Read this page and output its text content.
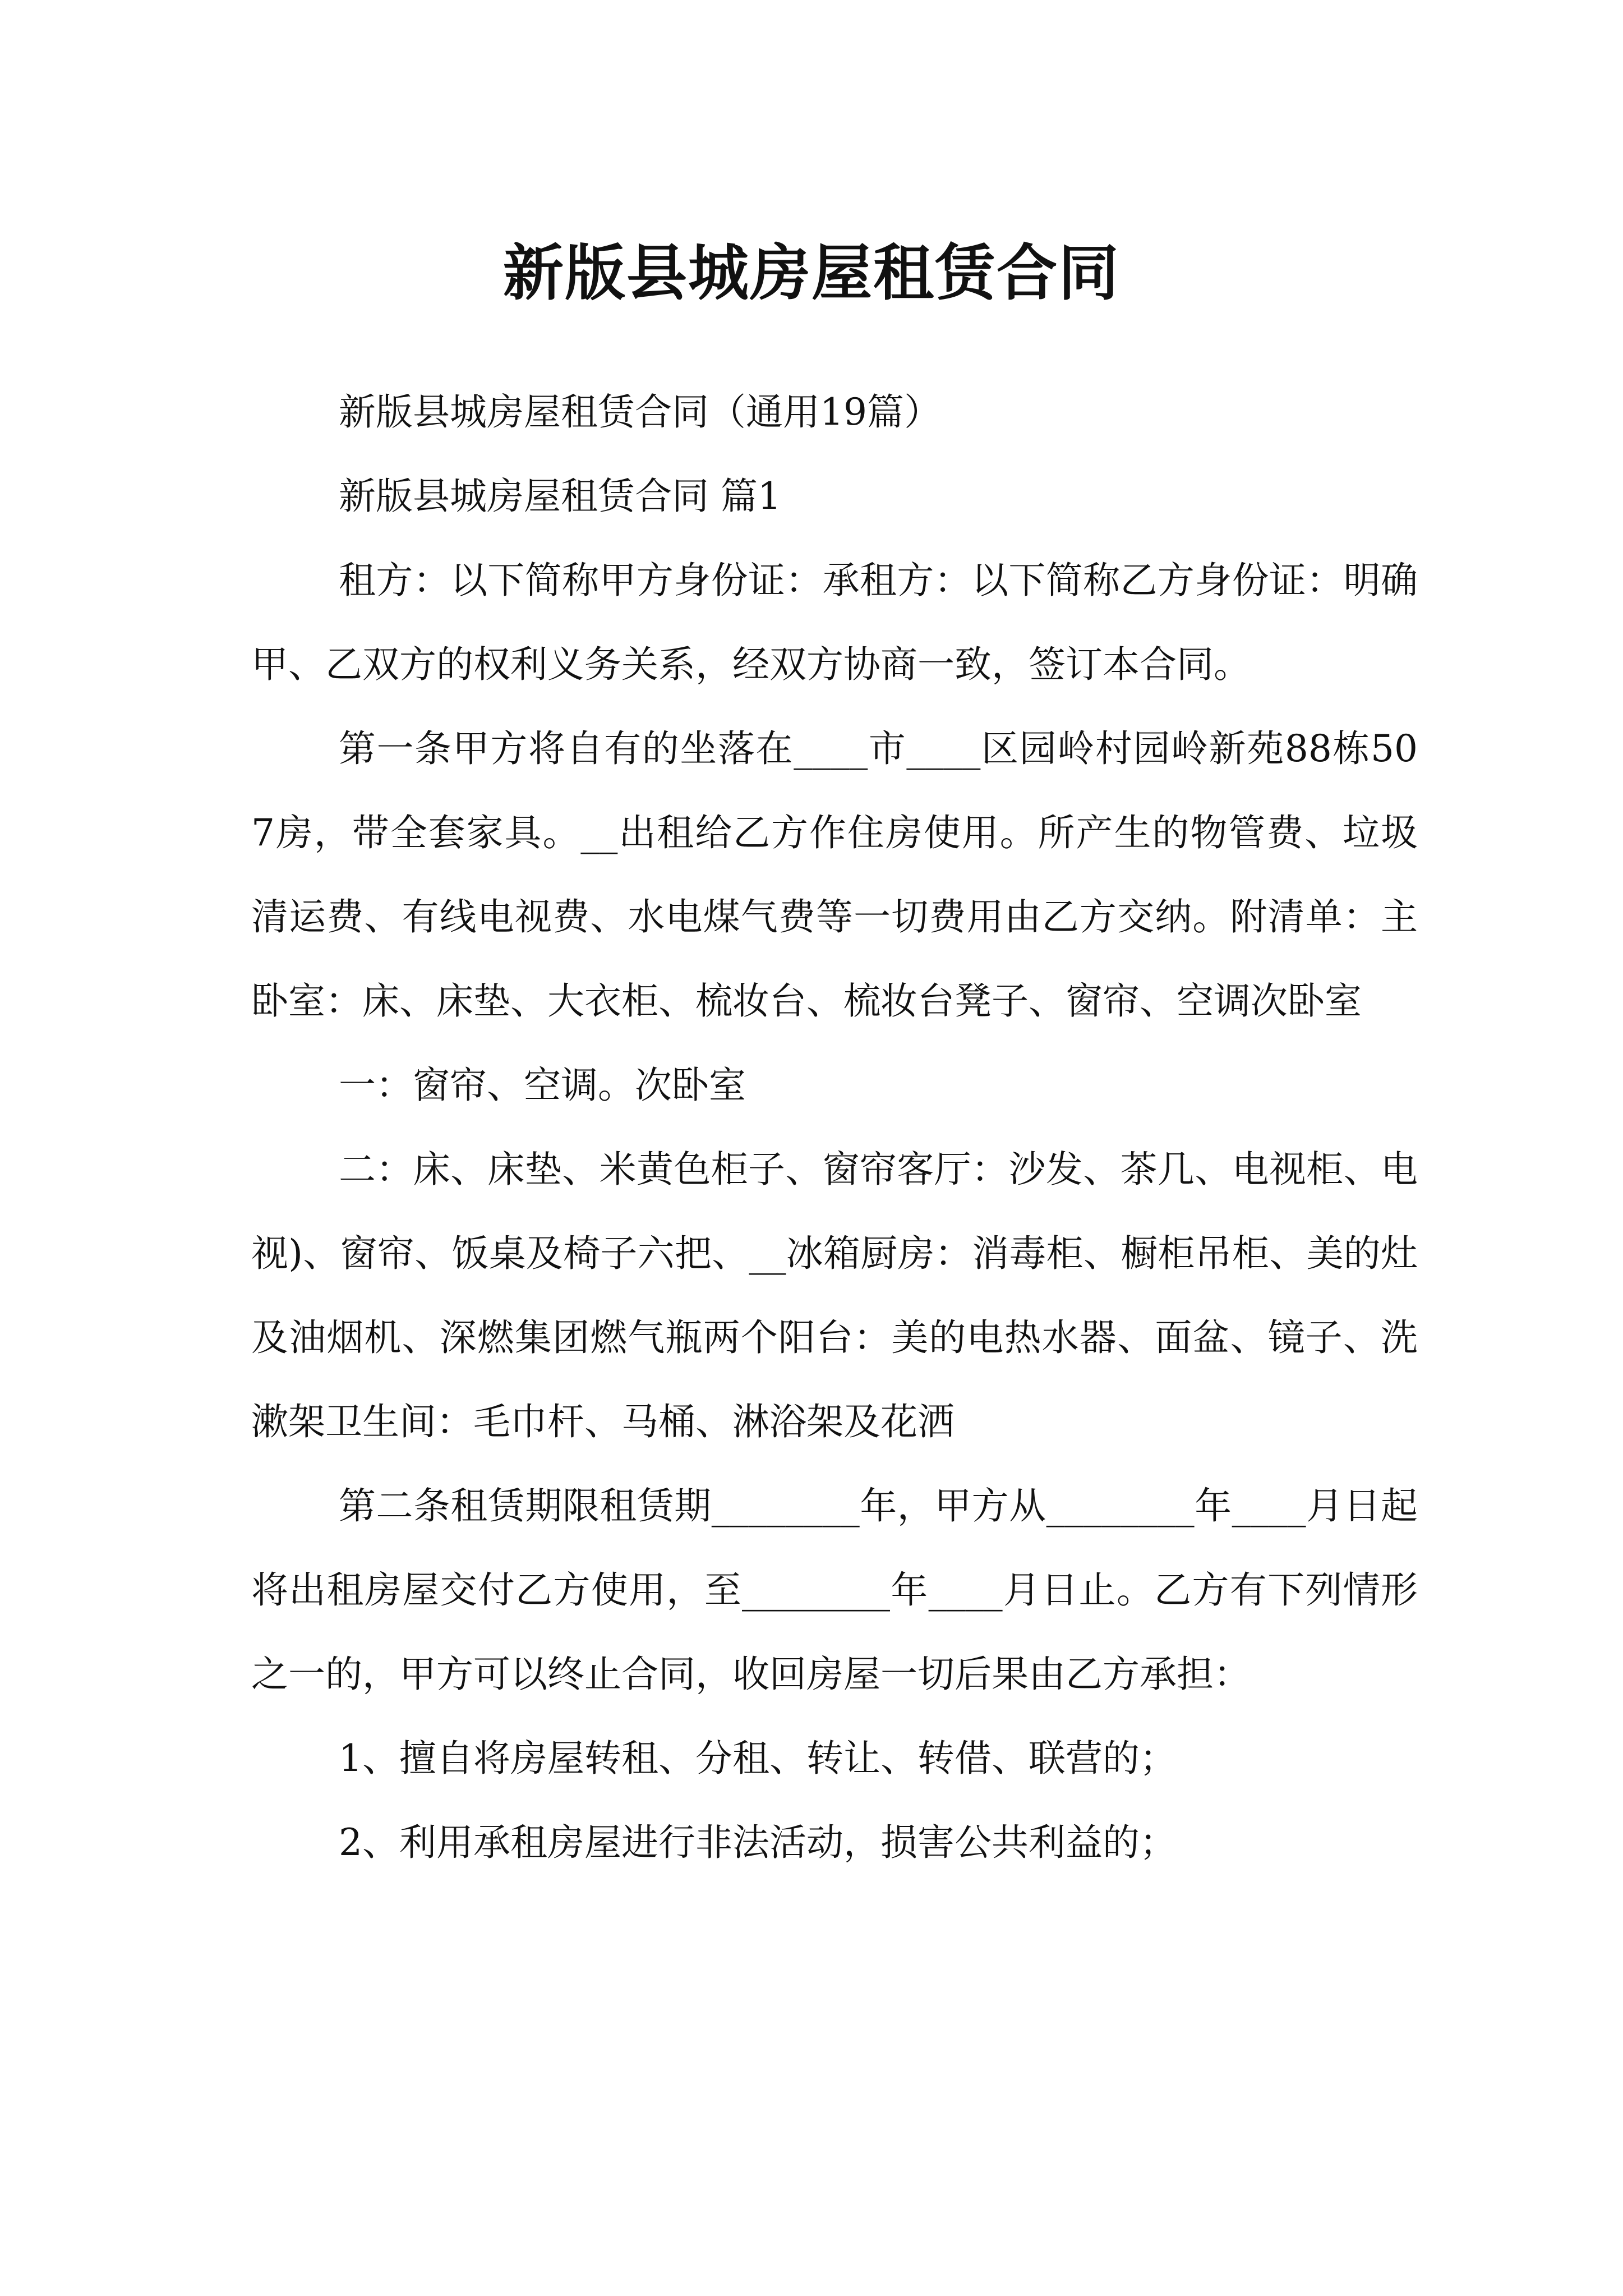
新版县城房屋租赁合同

新版县城房屋租赁合同（通用19篇）

新版县城房屋租赁合同 篇1

租方：以下简称甲方身份证：承租方：以下简称乙方身份证：明确甲、乙双方的权利义务关系，经双方协商一致，签订本合同。

第一条甲方将自有的坐落在____市____区园岭村园岭新苑88栋507房，带全套家具。__出租给乙方作住房使用。所产生的物管费、垃圾清运费、有线电视费、水电煤气费等一切费用由乙方交纳。附清单：主卧室：床、床垫、大衣柜、梳妆台、梳妆台凳子、窗帘、空调次卧室

一：窗帘、空调。次卧室

二：床、床垫、米黄色柜子、窗帘客厅：沙发、茶几、电视柜、电视)、窗帘、饭桌及椅子六把、__冰箱厨房：消毒柜、橱柜吊柜、美的灶及油烟机、深燃集团燃气瓶两个阳台：美的电热水器、面盆、镜子、洗漱架卫生间：毛巾杆、马桶、淋浴架及花洒

第二条租赁期限租赁期________年，甲方从________年____月日起将出租房屋交付乙方使用，至________年____月日止。乙方有下列情形之一的，甲方可以终止合同，收回房屋一切后果由乙方承担：

1、擅自将房屋转租、分租、转让、转借、联营的；

2、利用承租房屋进行非法活动，损害公共利益的；
